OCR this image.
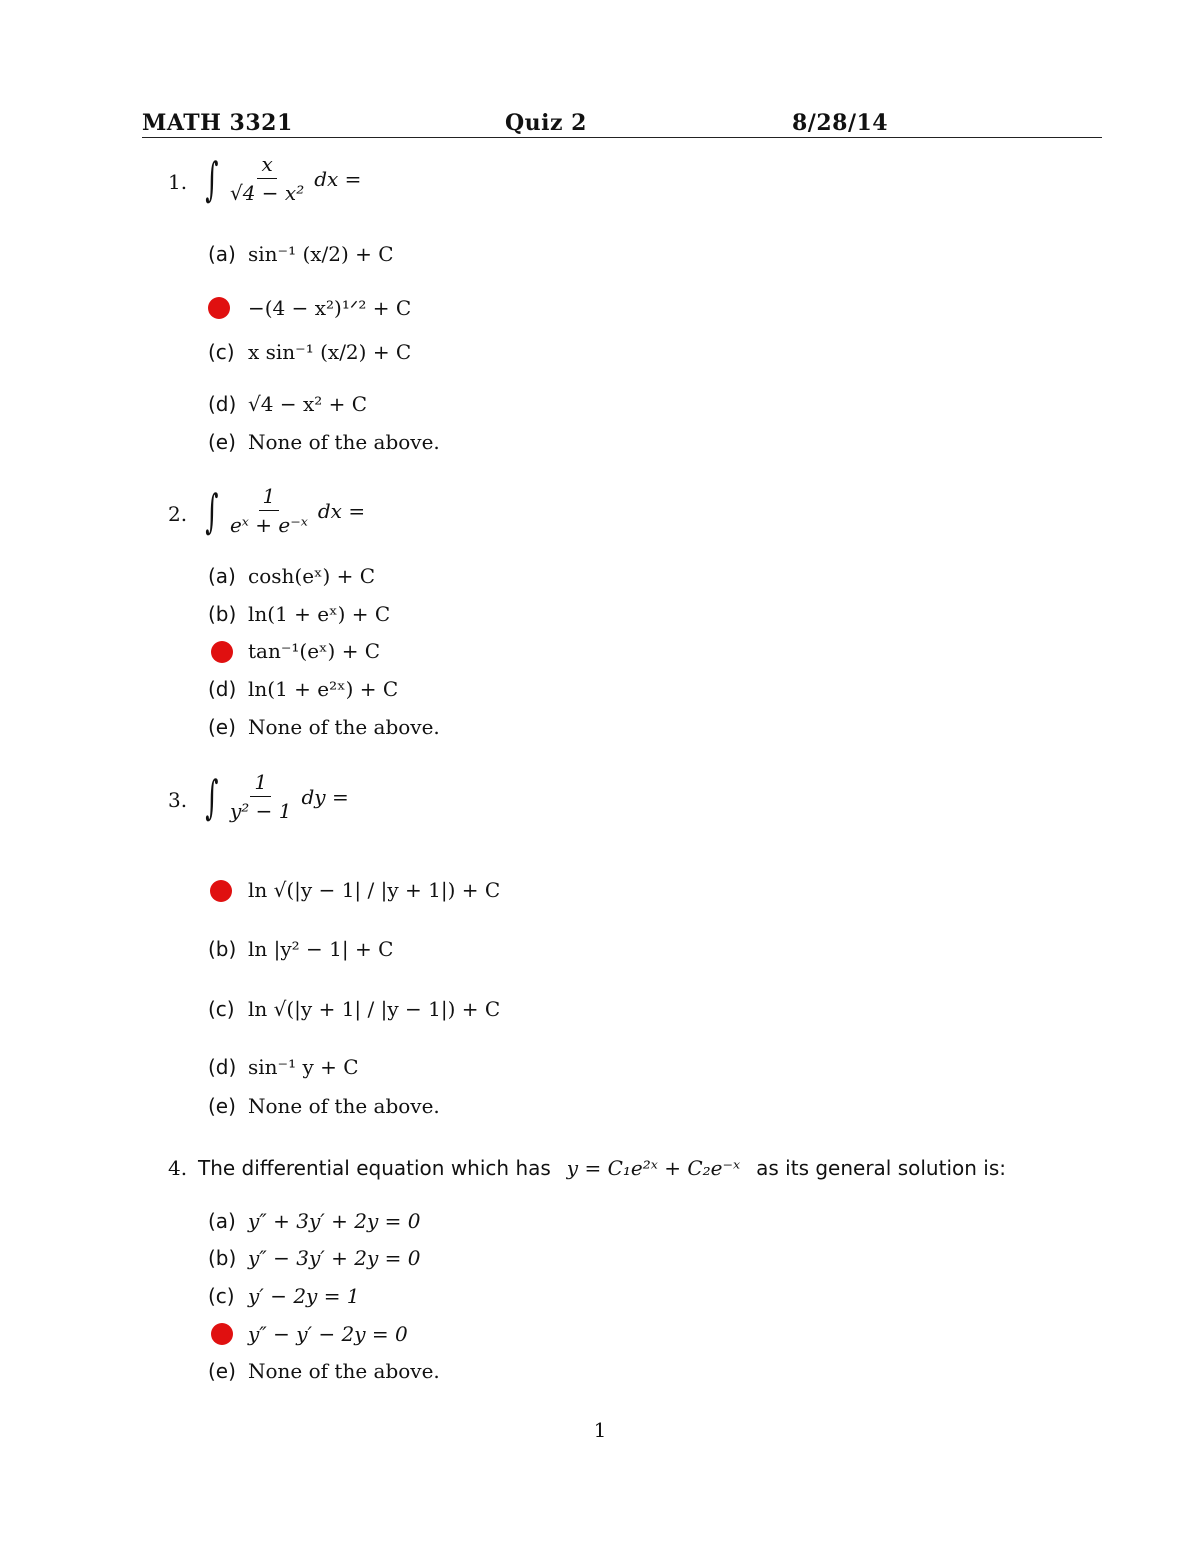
MATH 3321	Quiz 2	8/28/14
1. ∫ $\frac{x}{\text{√4 − x²}}$ dx =
(a) sin⁻¹ (x/2) + C
−(4 − x²)¹ᐟ² + C
(c) x sin⁻¹ (x/2) + C
(d) √4 − x² + C
(e) None of the above.
2. ∫ $\frac{1}{\text{eˣ + e⁻ˣ}}$ dx =
(a) cosh(eˣ) + C
(b) ln(1 + eˣ) + C
tan⁻¹(eˣ) + C
(d) ln(1 + e²ˣ) + C
(e) None of the above.
3. ∫ $\frac{1}{\text{y² − 1}}$ dy =
ln √(|y − 1| / |y + 1|) + C
(b) ln |y² − 1| + C
(c) ln √(|y + 1| / |y − 1|) + C
(d) sin⁻¹ y + C
(e) None of the above.
4. The differential equation which has y = C₁e²ˣ + C₂e⁻ˣ as its general solution is:
(a) y″ + 3y′ + 2y = 0
(b) y″ − 3y′ + 2y = 0
(c) y′ − 2y = 1
y″ − y′ − 2y = 0
(e) None of the above.
1
